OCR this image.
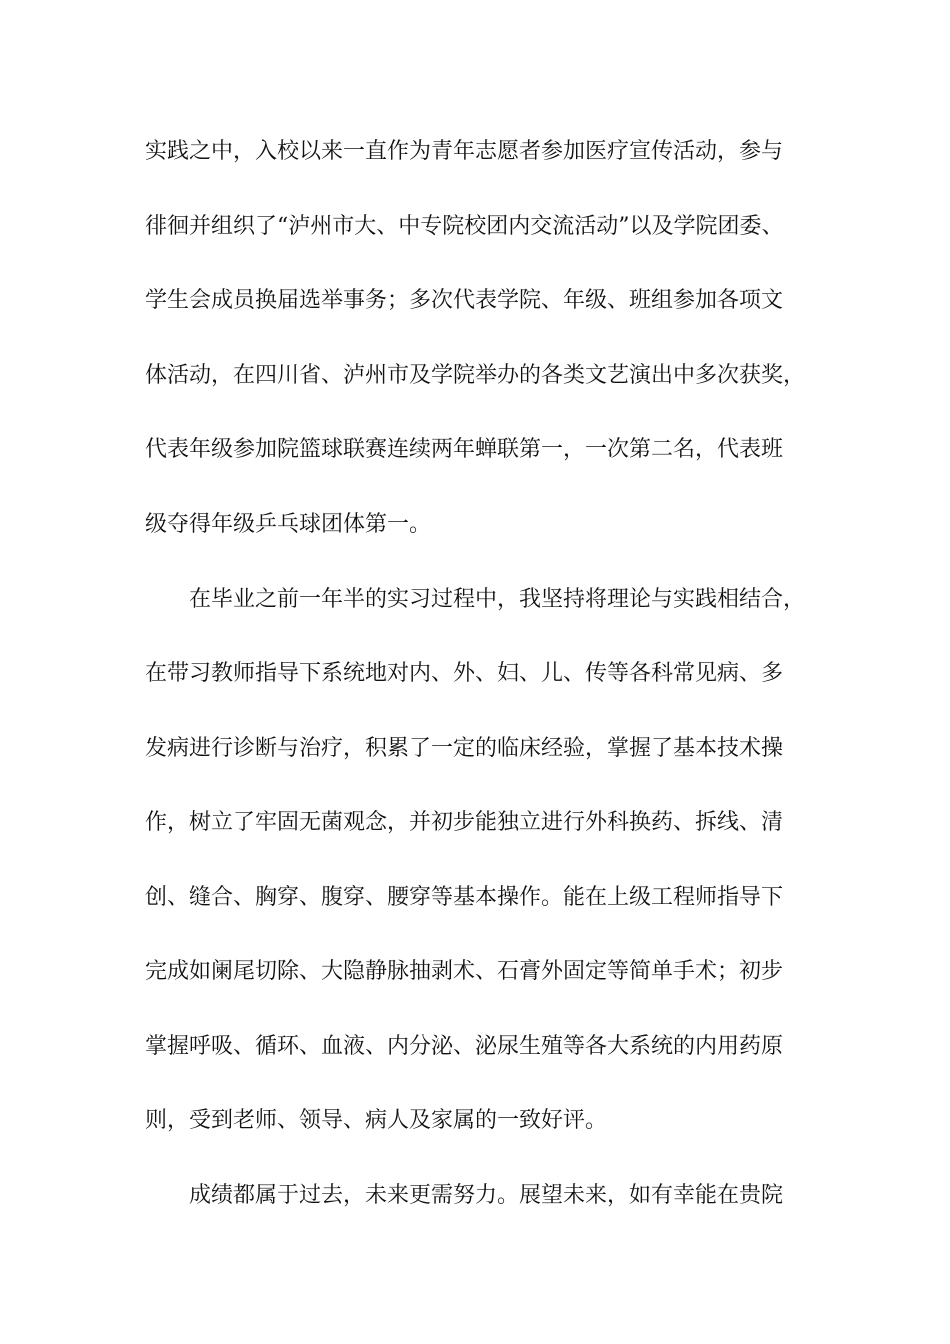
实践之中，入校以来一直作为青年志愿者参加医疗宣传活动，参与
徘徊并组织了“泸州市大、中专院校团内交流活动”以及学院团委、
学生会成员换届选举事务；多次代表学院、年级、班组参加各项文
体活动，在四川省、泸州市及学院举办的各类文艺演出中多次获奖，
代表年级参加院篮球联赛连续两年蝉联第一，一次第二名，代表班
级夺得年级乒乓球团体第一。
在毕业之前一年半的实习过程中，我坚持将理论与实践相结合，
在带习教师指导下系统地对内、外、妇、儿、传等各科常见病、多
发病进行诊断与治疗，积累了一定的临床经验，掌握了基本技术操
作，树立了牢固无菌观念，并初步能独立进行外科换药、拆线、清
创、缝合、胸穿、腹穿、腰穿等基本操作。能在上级工程师指导下
完成如阑尾切除、大隐静脉抽剥术、石膏外固定等简单手术；初步
掌握呼吸、循环、血液、内分泌、泌尿生殖等各大系统的内用药原
则，受到老师、领导、病人及家属的一致好评。
成绩都属于过去，未来更需努力。展望未来，如有幸能在贵院
